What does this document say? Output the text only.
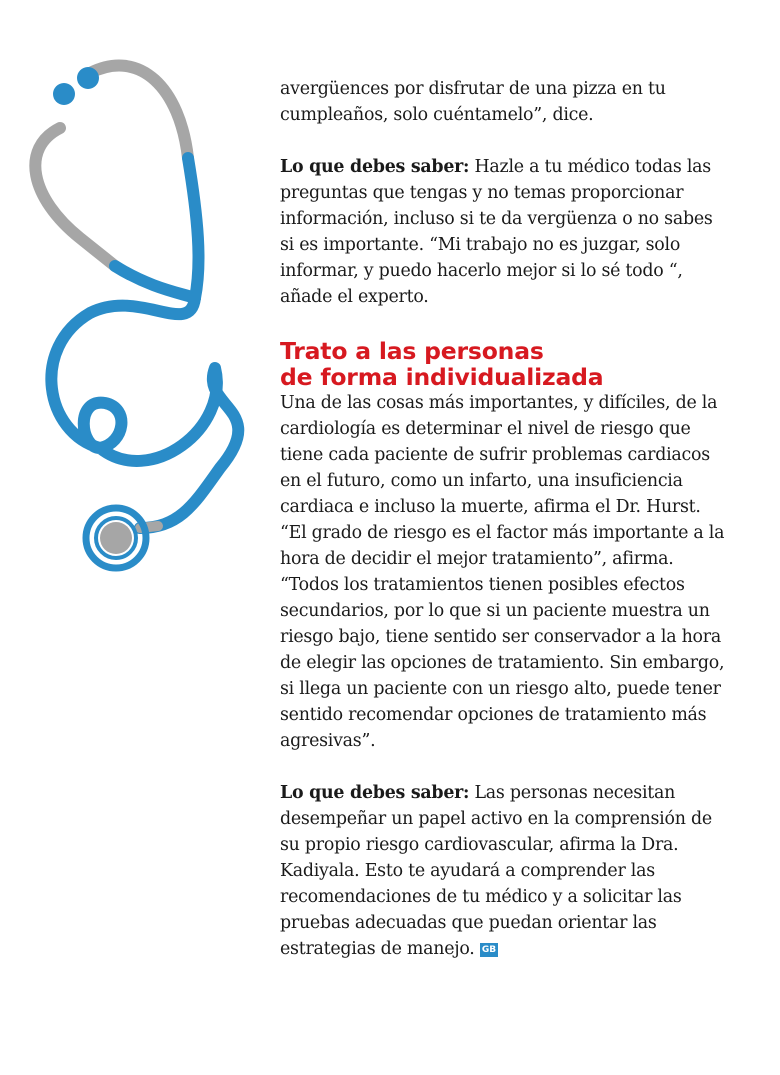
avergüences por disfrutar de una pizza en tu cumpleaños, solo cuéntamelo”, dice.

Lo que debes saber: Hazle a tu médico todas las preguntas que tengas y no temas proporcionar información, incluso si te da vergüenza o no sabes si es importante. “Mi trabajo no es juzgar, solo informar, y puedo hacerlo mejor si lo sé todo “, añade el experto.

Trato a las personas
de forma individualizada

Una de las cosas más importantes, y difíciles, de la cardiología es determinar el nivel de riesgo que tiene cada paciente de sufrir problemas cardiacos en el futuro, como un infarto, una insuficiencia cardiaca e incluso la muerte, afirma el Dr. Hurst. “El grado de riesgo es el factor más importante a la hora de decidir el mejor tratamiento”, afirma. “Todos los tratamientos tienen posibles efectos secundarios, por lo que si un paciente muestra un riesgo bajo, tiene sentido ser conservador a la hora de elegir las opciones de tratamiento. Sin embargo, si llega un paciente con un riesgo alto, puede tener sentido recomendar opciones de tratamiento más agresivas”.

Lo que debes saber: Las personas necesitan desempeñar un papel activo en la comprensión de su propio riesgo cardiovascular, afirma la Dra. Kadiyala. Esto te ayudará a comprender las recomendaciones de tu médico y a solicitar las pruebas adecuadas que puedan orientar las estrategias de manejo. GB
